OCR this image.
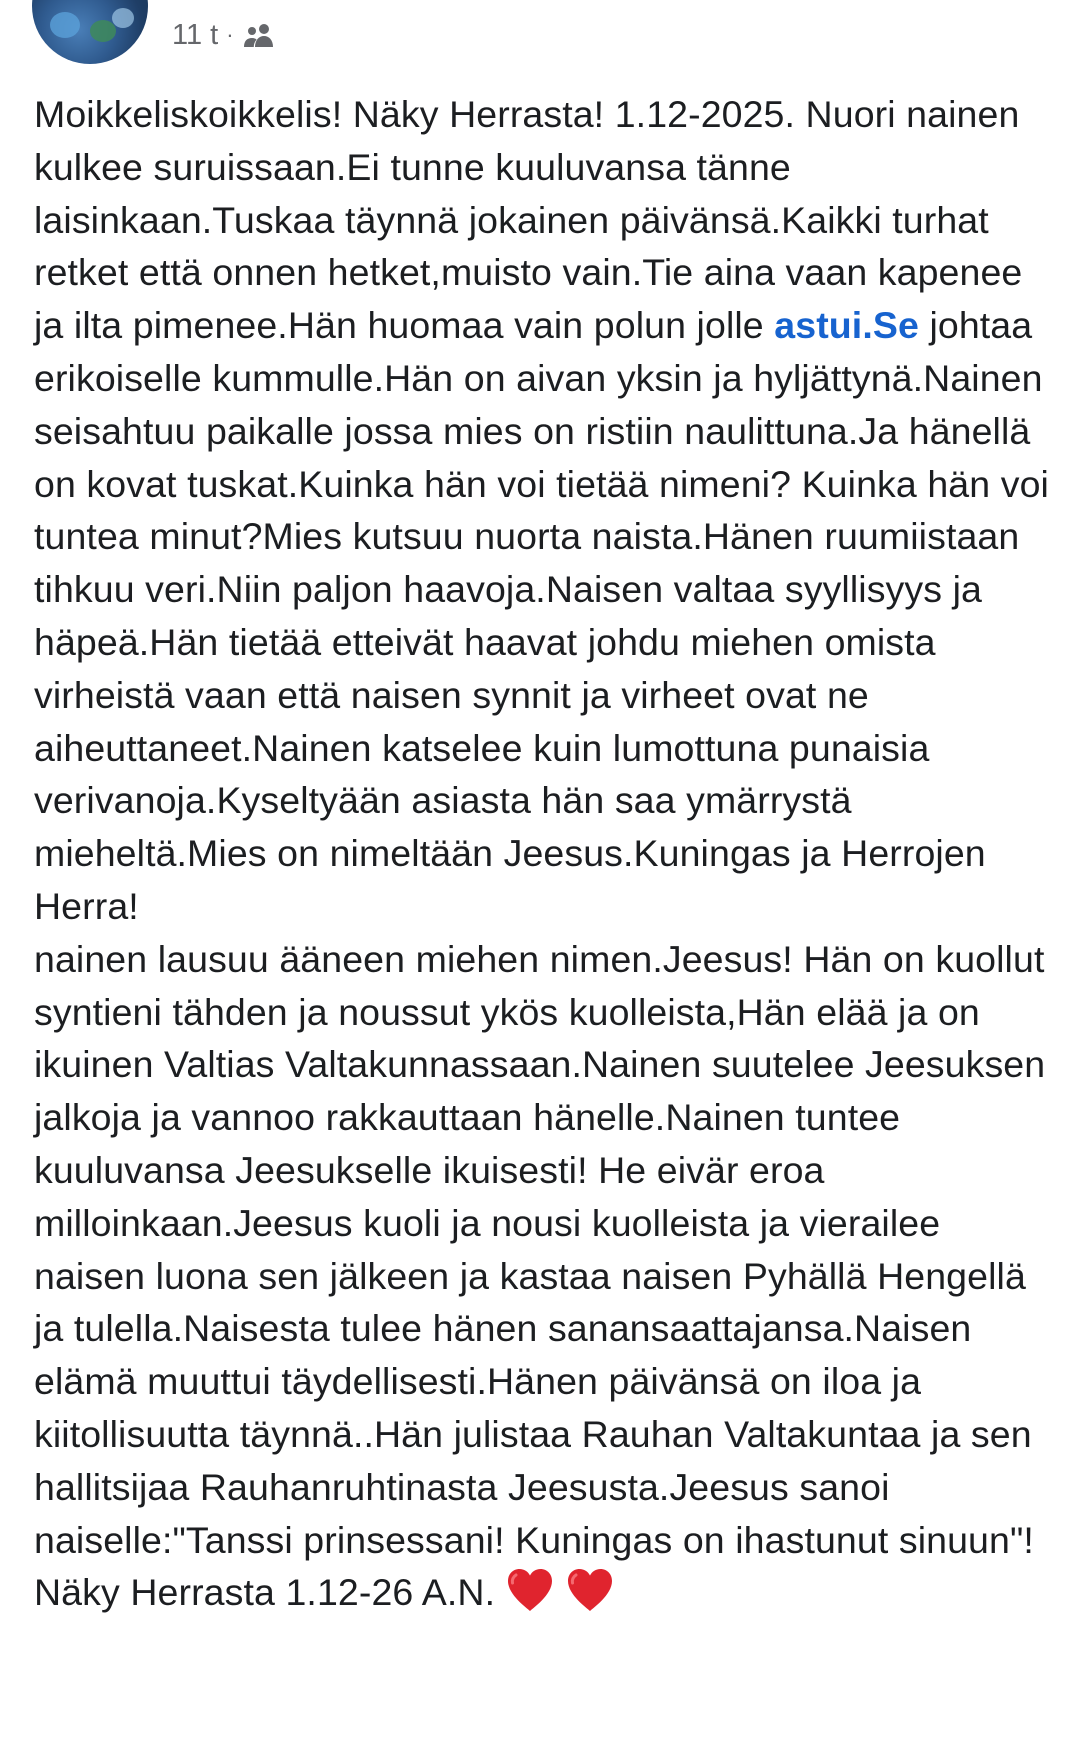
11 t ·
Moikkeliskoikkelis! Näky Herrasta! 1.12-2025. Nuori nainen kulkee suruissaan.Ei tunne kuuluvansa tänne laisinkaan.Tuskaa täynnä jokainen päivänsä.Kaikki turhat retket että onnen hetket,muisto vain.Tie aina vaan kapenee ja ilta pimenee.Hän huomaa vain polun jolle astui.Se johtaa erikoiselle kummulle.Hän on aivan yksin ja hyljättynä.Nainen seisahtuu paikalle jossa mies on ristiin naulittuna.Ja hänellä on kovat tuskat.Kuinka hän voi tietää nimeni? Kuinka hän voi tuntea minut?Mies kutsuu nuorta naista.Hänen ruumiistaan tihkuu veri.Niin paljon haavoja.Naisen valtaa syyllisyys ja häpeä.Hän tietää etteivät haavat johdu miehen omista virheistä vaan että naisen synnit ja virheet ovat ne aiheuttaneet.Nainen katselee kuin lumottuna punaisia verivanoja.Kyseltyään asiasta hän saa ymärrystä mieheltä.Mies on nimeltään Jeesus.Kuningas ja Herrojen Herra!
nainen lausuu ääneen miehen nimen.Jeesus! Hän on kuollut syntieni tähden ja noussut ykös kuolleista,Hän elää ja on ikuinen Valtias Valtakunnassaan.Nainen suutelee Jeesuksen jalkoja ja vannoo rakkauttaan hänelle.Nainen tuntee kuuluvansa Jeesukselle ikuisesti! He eivär eroa milloinkaan.Jeesus kuoli ja nousi kuolleista ja vierailee naisen luona sen jälkeen ja kastaa naisen Pyhällä Hengellä ja tulella.Naisesta tulee hänen sanansaattajansa.Naisen elämä muuttui täydellisesti.Hänen päivänsä on iloa ja kiitollisuutta täynnä..Hän julistaa Rauhan Valtakuntaa ja sen hallitsijaa Rauhanruhtinasta Jeesusta.Jeesus sanoi naiselle:"Tanssi prinsessani! Kuningas on ihastunut sinuun"! Näky Herrasta 1.12-26 A.N.
